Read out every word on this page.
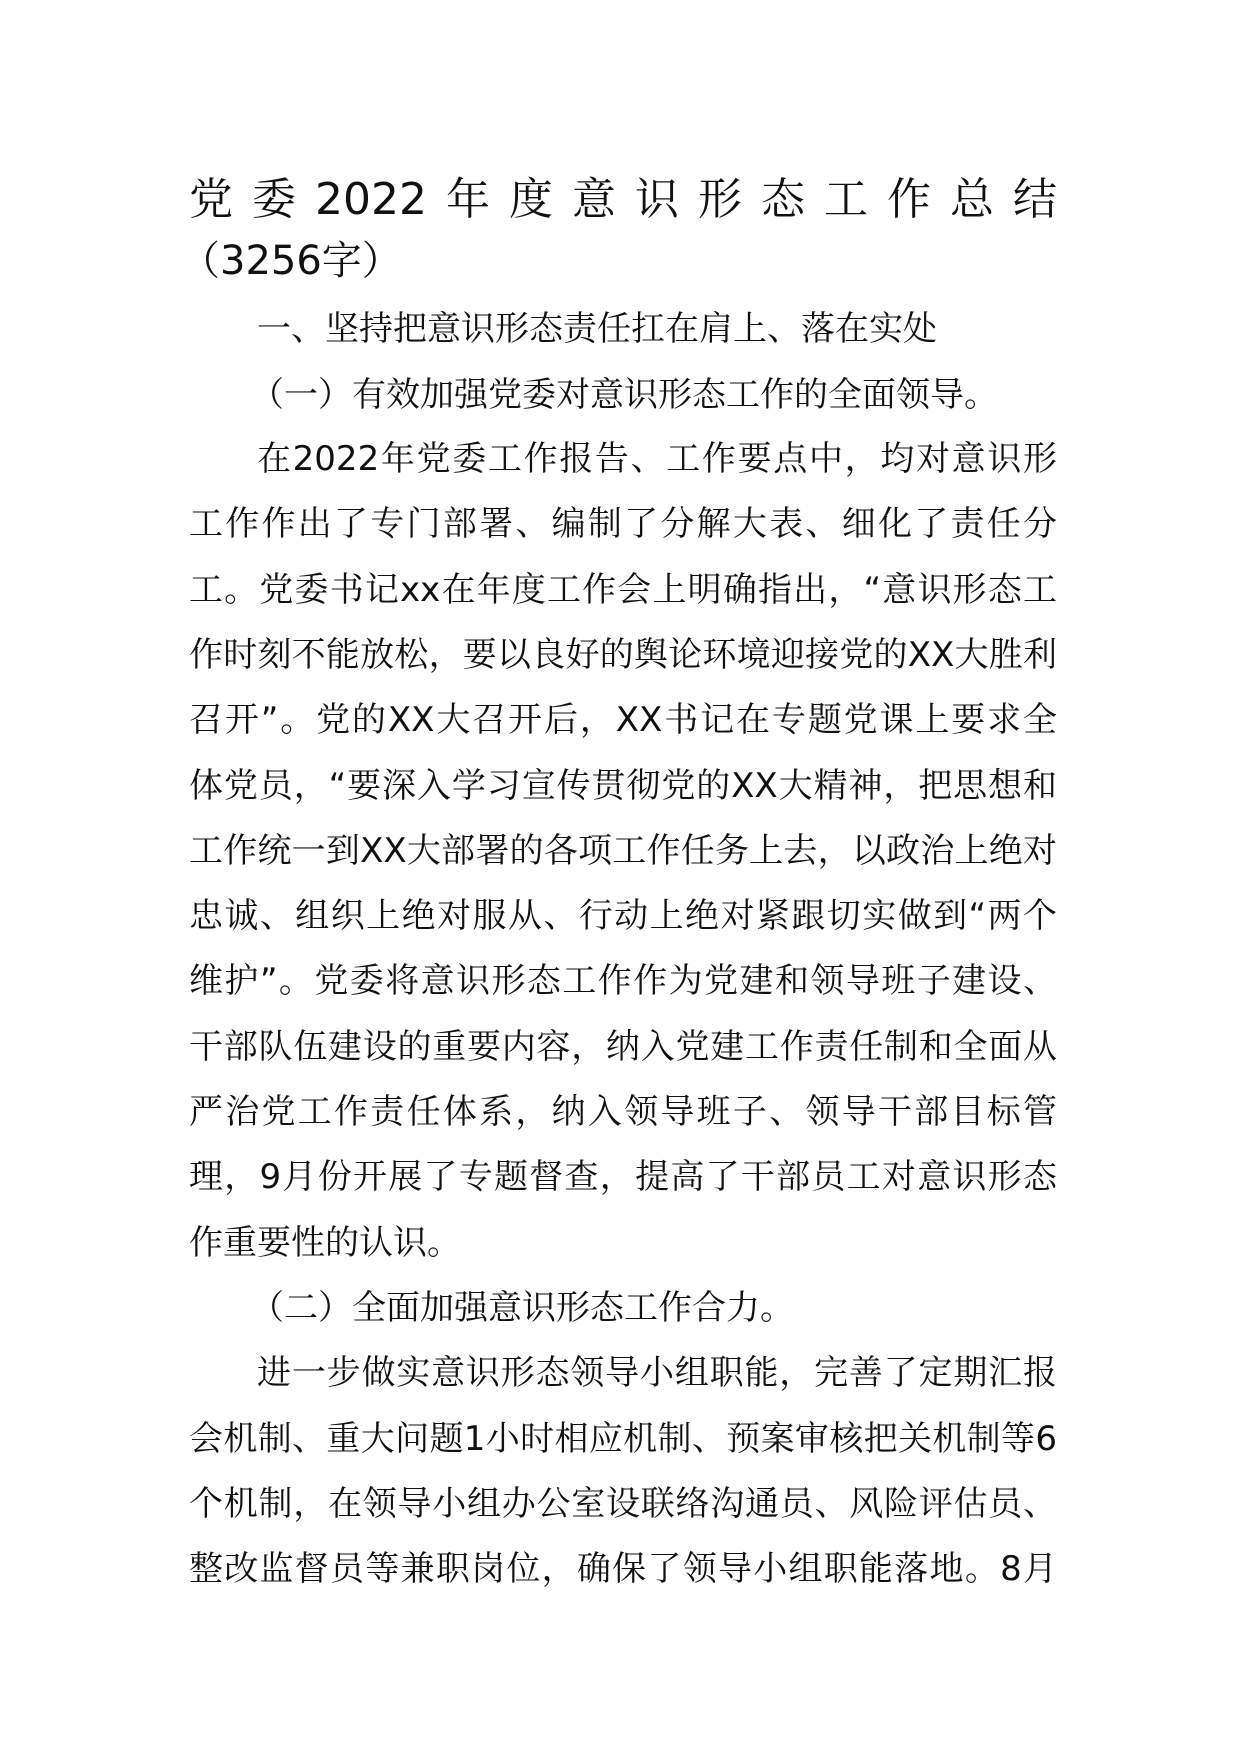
党委2022年度意识形态工作总结
（3256字）
一、坚持把意识形态责任扛在肩上、落在实处
（一）有效加强党委对意识形态工作的全面领导。
在2022年党委工作报告、工作要点中，均对意识形
工作作出了专门部署、编制了分解大表、细化了责任分
工。党委书记xx在年度工作会上明确指出，“意识形态工
作时刻不能放松，要以良好的舆论环境迎接党的XX大胜利
召开”。党的XX大召开后，XX书记在专题党课上要求全
体党员，“要深入学习宣传贯彻党的XX大精神，把思想和
工作统一到XX大部署的各项工作任务上去，以政治上绝对
忠诚、组织上绝对服从、行动上绝对紧跟切实做到“两个
维护”。党委将意识形态工作作为党建和领导班子建设、
干部队伍建设的重要内容，纳入党建工作责任制和全面从
严治党工作责任体系，纳入领导班子、领导干部目标管
理，9月份开展了专题督查，提高了干部员工对意识形态
作重要性的认识。
（二）全面加强意识形态工作合力。
进一步做实意识形态领导小组职能，完善了定期汇报
会机制、重大问题1小时相应机制、预案审核把关机制等6
个机制，在领导小组办公室设联络沟通员、风险评估员、
整改监督员等兼职岗位，确保了领导小组职能落地。8月
